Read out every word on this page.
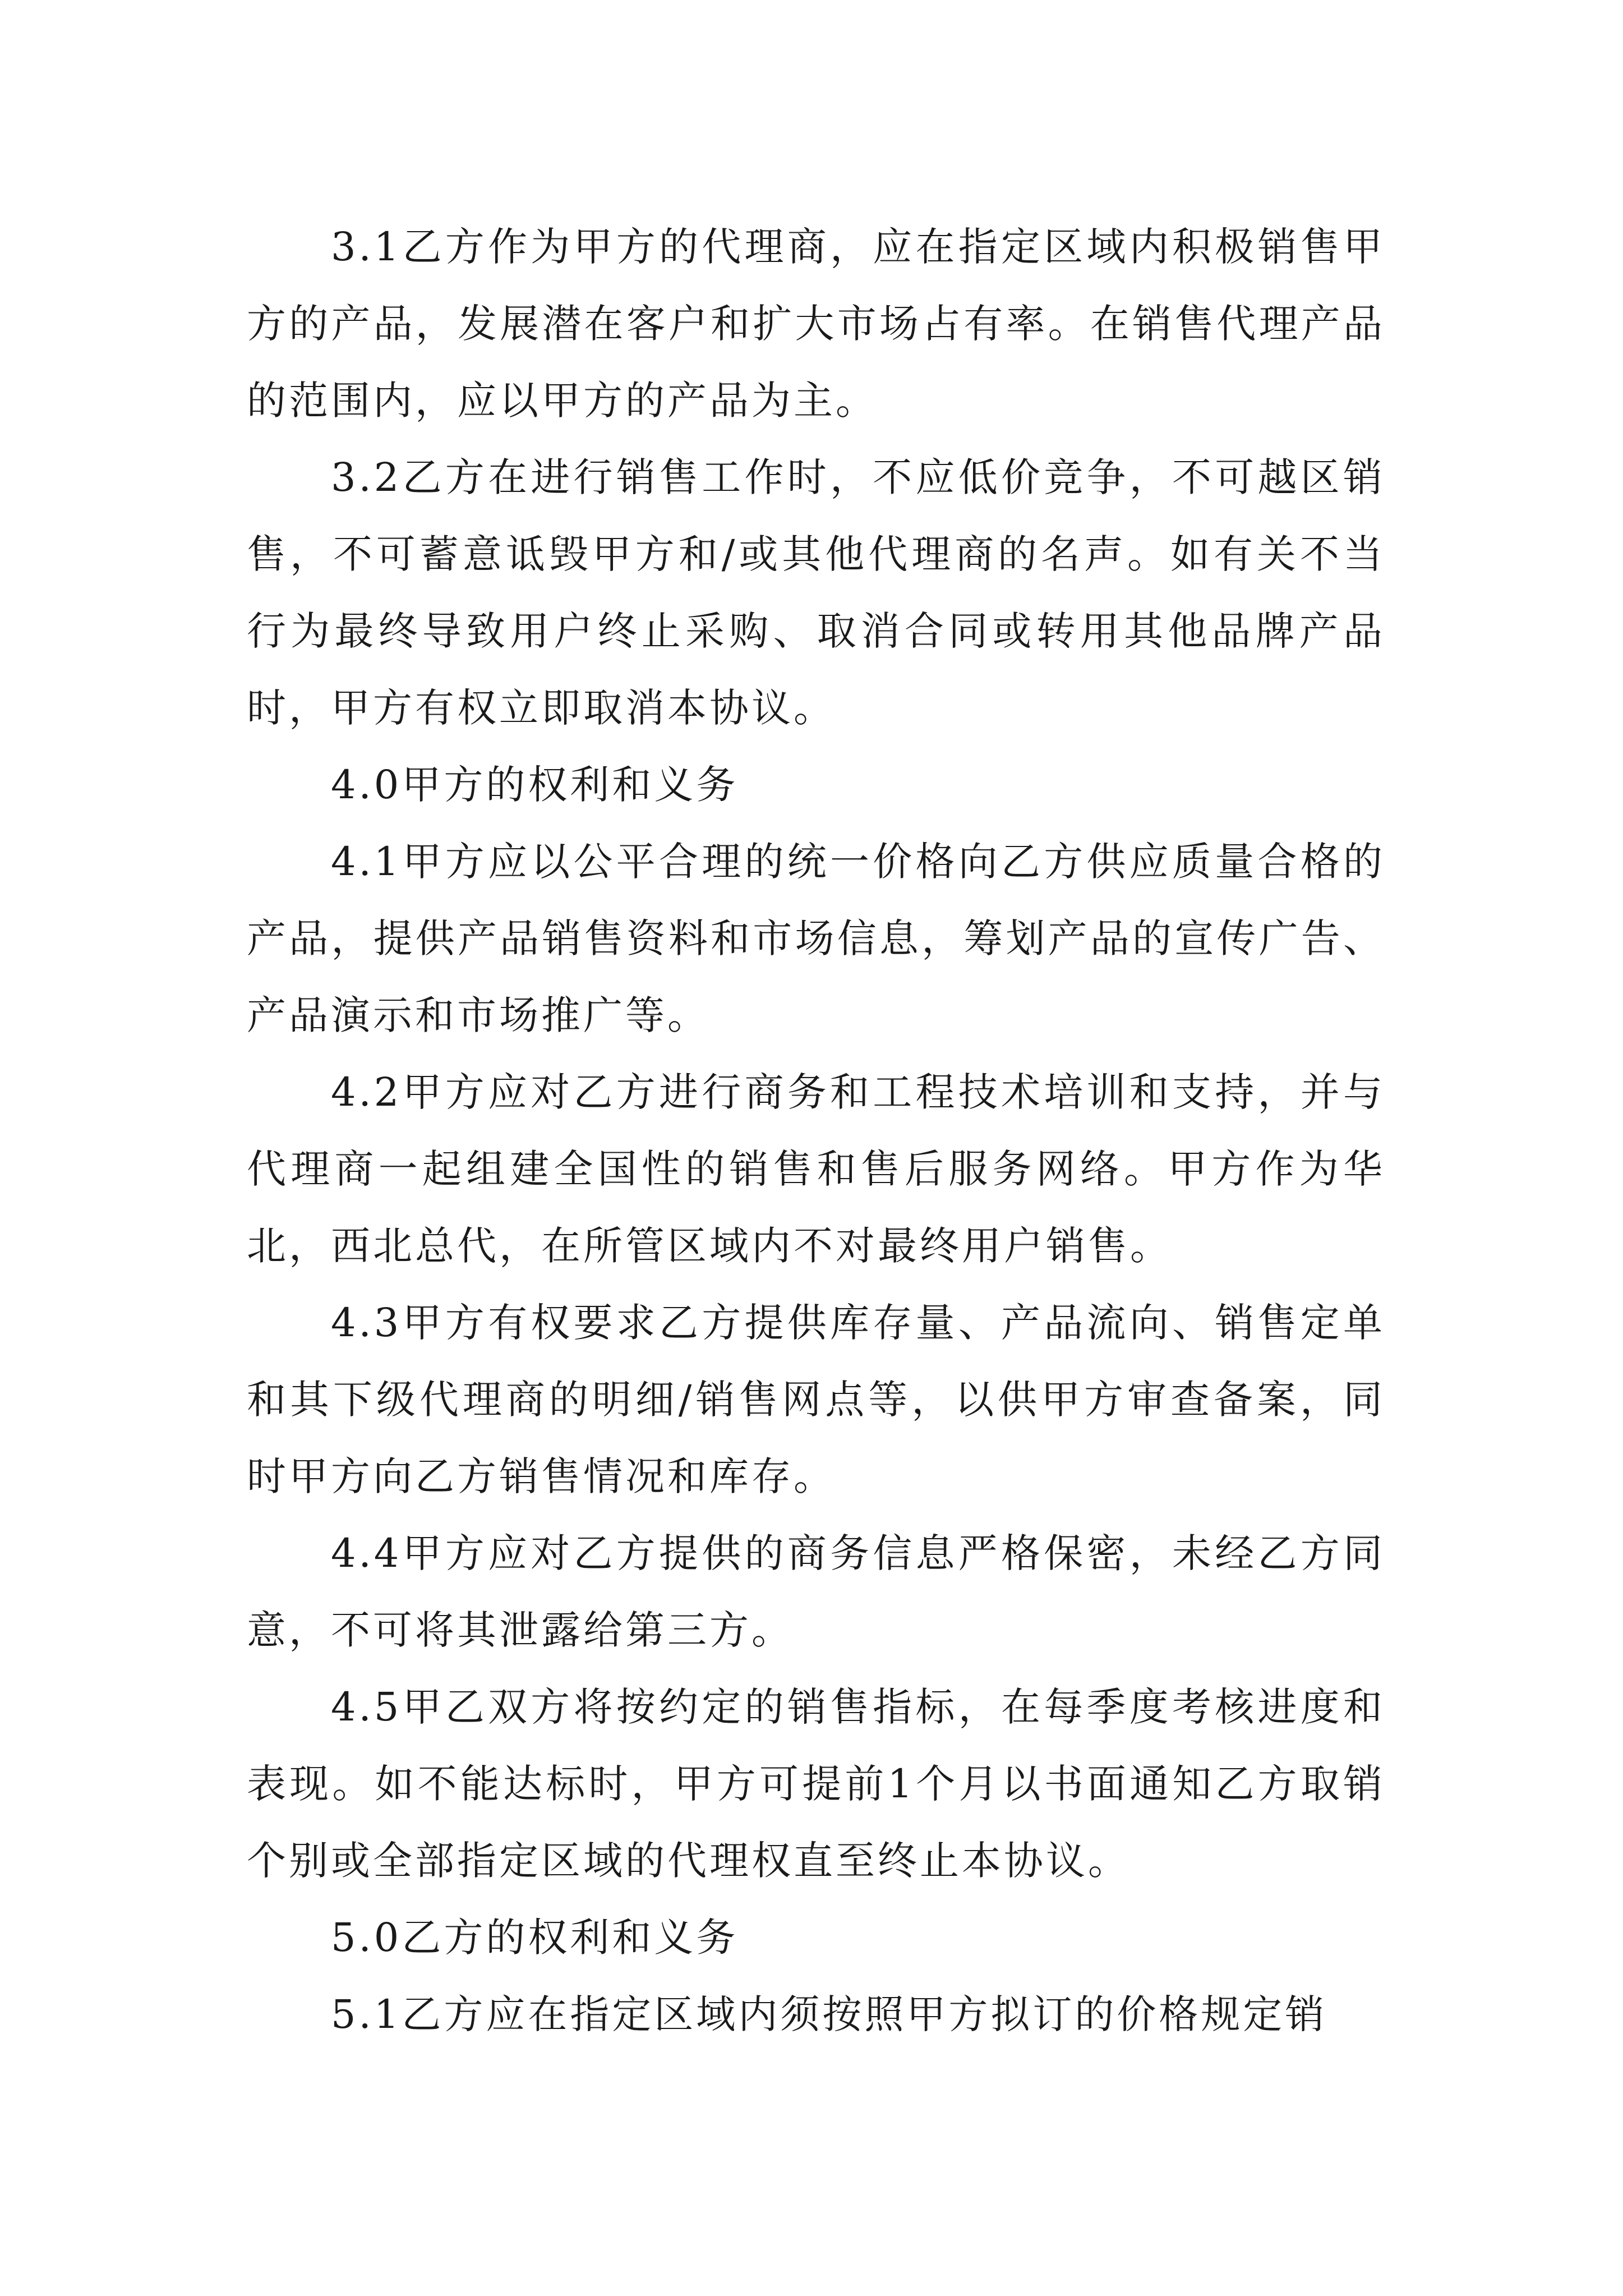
3.1乙方作为甲方的代理商，应在指定区域内积极销售甲方的产品，发展潜在客户和扩大市场占有率。在销售代理产品的范围内，应以甲方的产品为主。

3.2乙方在进行销售工作时，不应低价竞争，不可越区销售，不可蓄意诋毁甲方和/或其他代理商的名声。如有关不当行为最终导致用户终止采购、取消合同或转用其他品牌产品时，甲方有权立即取消本协议。

4.0甲方的权利和义务

4.1甲方应以公平合理的统一价格向乙方供应质量合格的产品，提供产品销售资料和市场信息，筹划产品的宣传广告、产品演示和市场推广等。

4.2甲方应对乙方进行商务和工程技术培训和支持，并与代理商一起组建全国性的销售和售后服务网络。甲方作为华北，西北总代，在所管区域内不对最终用户销售。

4.3甲方有权要求乙方提供库存量、产品流向、销售定单和其下级代理商的明细/销售网点等，以供甲方审查备案，同时甲方向乙方销售情况和库存。

4.4甲方应对乙方提供的商务信息严格保密，未经乙方同意，不可将其泄露给第三方。

4.5甲乙双方将按约定的销售指标，在每季度考核进度和表现。如不能达标时，甲方可提前1个月以书面通知乙方取销个别或全部指定区域的代理权直至终止本协议。

5.0乙方的权利和义务

5.1乙方应在指定区域内须按照甲方拟订的价格规定销
